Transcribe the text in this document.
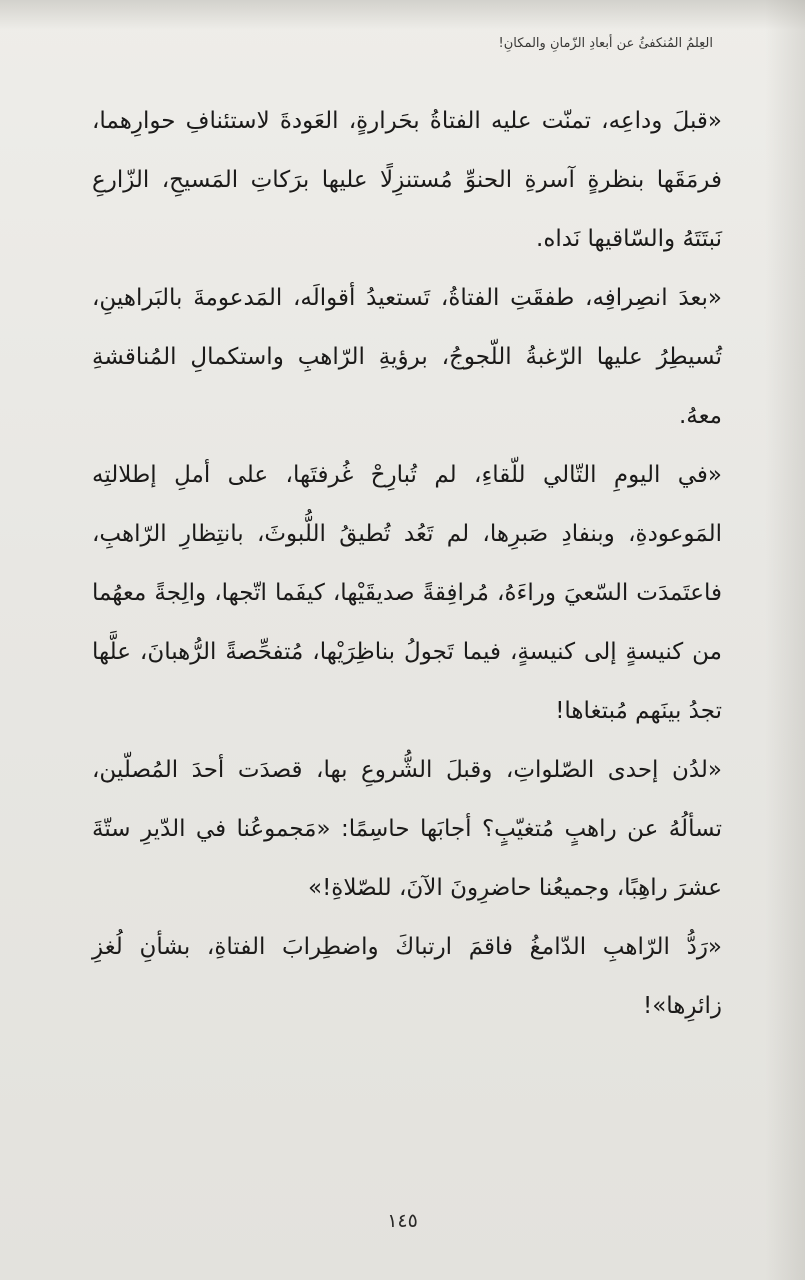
العِلمُ المُنكفئُ عن أبعادِ الزّمانِ والمكانِ!

«قبلَ وداعِه، تمنّت عليه الفتاةُ بحَرارةٍ، العَودةَ لاستئنافِ حوارِهما، فرمَقَها بنظرةٍ آسرةِ الحنوِّ مُستنزِلًا عليها برَكاتِ المَسيحِ، الزّارعِ نَبتَتَهُ والسّاقيها نَداه.

«بعدَ انصِرافِه، طفقَتِ الفتاةُ، تَستعيدُ أقوالَه، المَدعومةَ بالبَراهينِ، تُسيطِرُ عليها الرّغبةُ اللّجوجُ، برؤيةِ الرّاهبِ واستكمالِ المُناقشةِ معهُ.

«في اليومِ التّالي للّقاءِ، لم تُبارِحْ غُرفتَها، على أملِ إطلالتِه المَوعودةِ، وبنفادِ صَبرِها، لم تَعُد تُطيقُ اللُّبوثَ، بانتِظارِ الرّاهبِ، فاعتَمدَت السّعيَ وراءَهُ، مُرافِقةً صديقَيْها، كيفَما اتّجها، والِجةً معهُما من كنيسةٍ إلى كنيسةٍ، فيما تَجولُ بناظِرَيْها، مُتفحِّصةً الرُّهبانَ، علَّها تجدُ بينَهم مُبتغاها!

«لدُن إحدى الصّلواتِ، وقبلَ الشُّروعِ بها، قصدَت أحدَ المُصلّين، تسألُهُ عن راهبٍ مُتغيّبٍ؟ أجابَها حاسِمًا: «مَجموعُنا في الدّيرِ ستّةَ عشرَ راهِبًا، وجميعُنا حاضرِونَ الآنَ، للصّلاةِ!»

«رَدُّ الرّاهبِ الدّامغُ فاقمَ ارتباكَ واضطِرابَ الفتاةِ، بشأنِ لُغزِ زائرِها»!

١٤٥
